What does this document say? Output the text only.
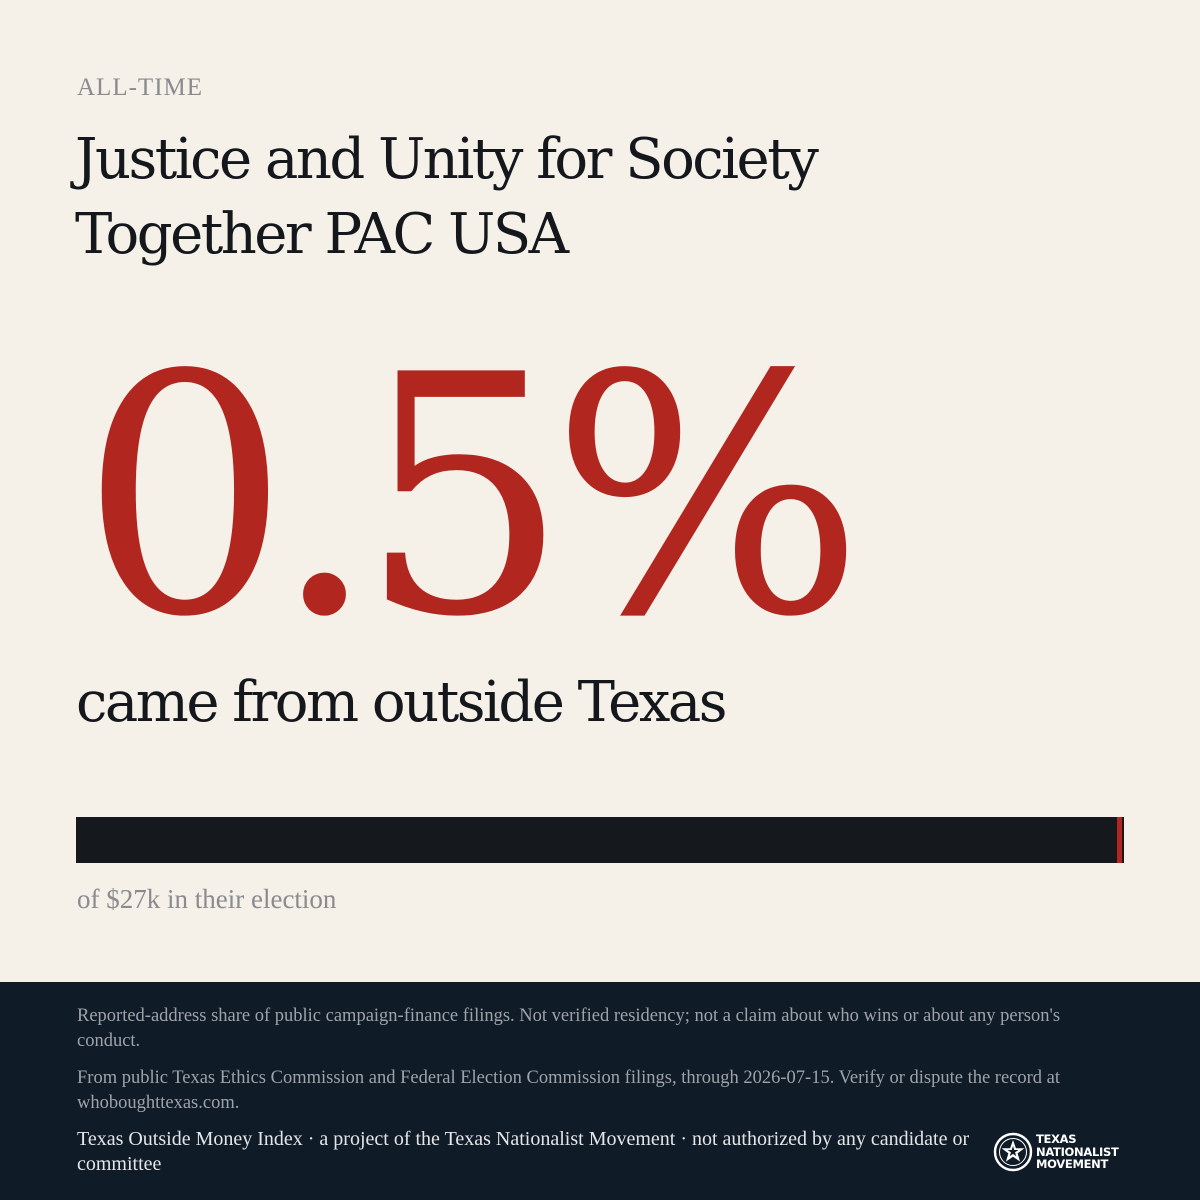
ALL-TIME
Justice and Unity for Society Together PAC USA
0.5%
came from outside Texas
of $27k in their election
Reported-address share of public campaign-finance filings. Not verified residency; not a claim about who wins or about any person's conduct.
From public Texas Ethics Commission and Federal Election Commission filings, through 2026-07-15. Verify or dispute the record at whoboughttexas.com.
Texas Outside Money Index · a project of the Texas Nationalist Movement · not authorized by any candidate or committee
TEXAS
NATIONALIST
MOVEMENT
